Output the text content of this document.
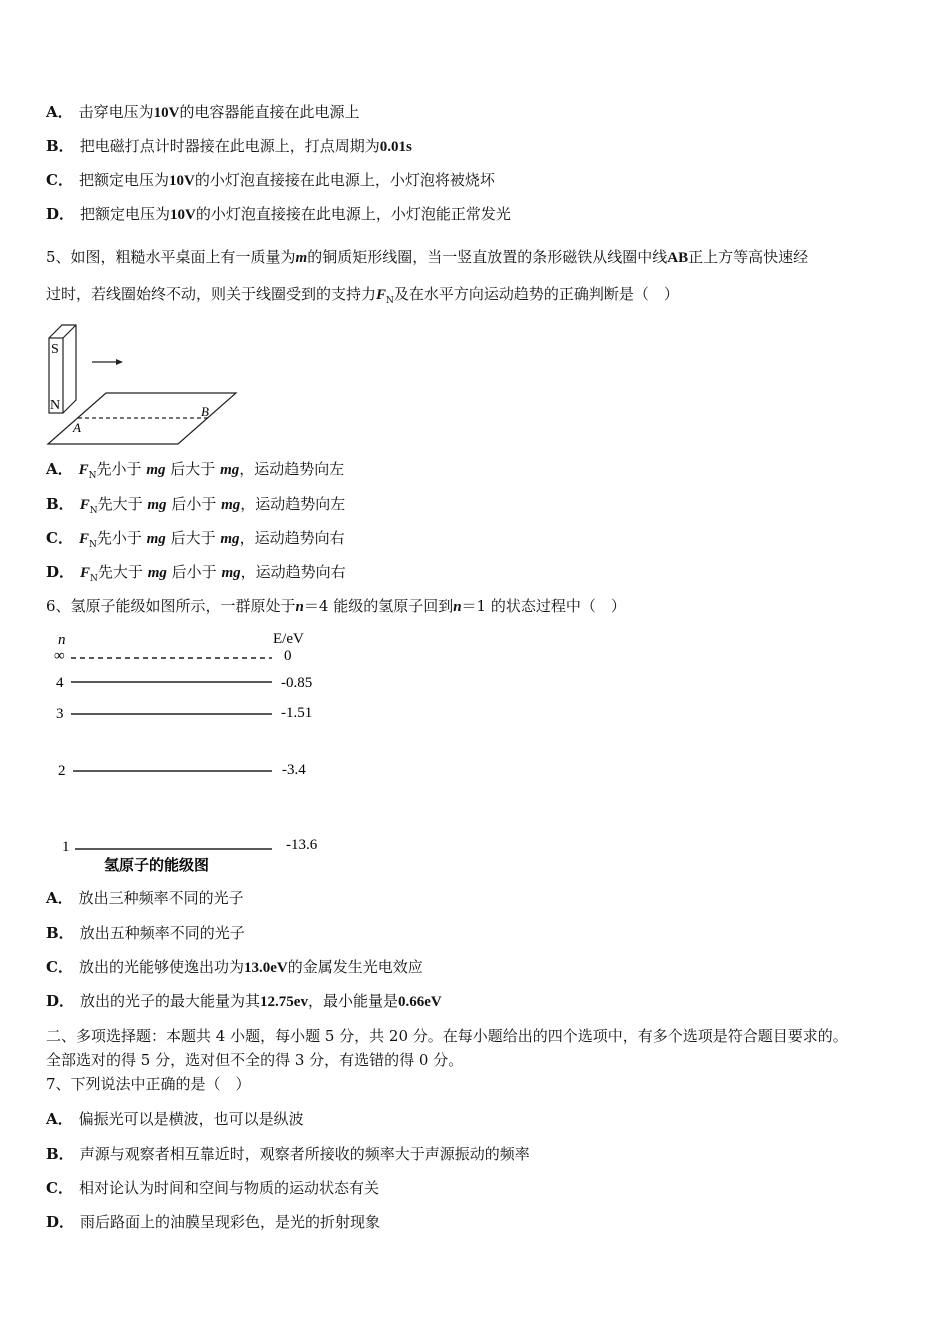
A． 击穿电压为10V的电容器能直接在此电源上
B． 把电磁打点计时器接在此电源上，打点周期为0.01s
C． 把额定电压为10V的小灯泡直接接在此电源上，小灯泡将被烧坏
D． 把额定电压为10V的小灯泡直接接在此电源上，小灯泡能正常发光
5、如图，粗糙水平桌面上有一质量为m的铜质矩形线圈，当一竖直放置的条形磁铁从线圈中线AB正上方等高快速经
过时，若线圈始终不动，则关于线圈受到的支持力$F_N$及在水平方向运动趋势的正确判断是（　）
S
N
A
B
A． $F_N$先小于 mg 后大于 mg，运动趋势向左
B． $F_N$先大于 mg 后小于 mg，运动趋势向左
C． $F_N$先小于 mg 后大于 mg，运动趋势向右
D． $F_N$先大于 mg 后小于 mg，运动趋势向右
6、氢原子能级如图所示，一群原处于n＝4 能级的氢原子回到n＝1 的状态过程中（　）
n	E/eV
∞	0
4	-0.85
3	-1.51
2	-3.4
1	-13.6
氢原子的能级图
A． 放出三种频率不同的光子
B． 放出五种频率不同的光子
C． 放出的光能够使逸出功为13.0eV的金属发生光电效应
D． 放出的光子的最大能量为其12.75ev，最小能量是0.66eV
二、多项选择题：本题共 4 小题，每小题 5 分，共 20 分。在每小题给出的四个选项中，有多个选项是符合题目要求的。
全部选对的得 5 分，选对但不全的得 3 分，有选错的得 0 分。
7、下列说法中正确的是（　）
A． 偏振光可以是横波，也可以是纵波
B． 声源与观察者相互靠近时，观察者所接收的频率大于声源振动的频率
C． 相对论认为时间和空间与物质的运动状态有关
D． 雨后路面上的油膜呈现彩色，是光的折射现象
